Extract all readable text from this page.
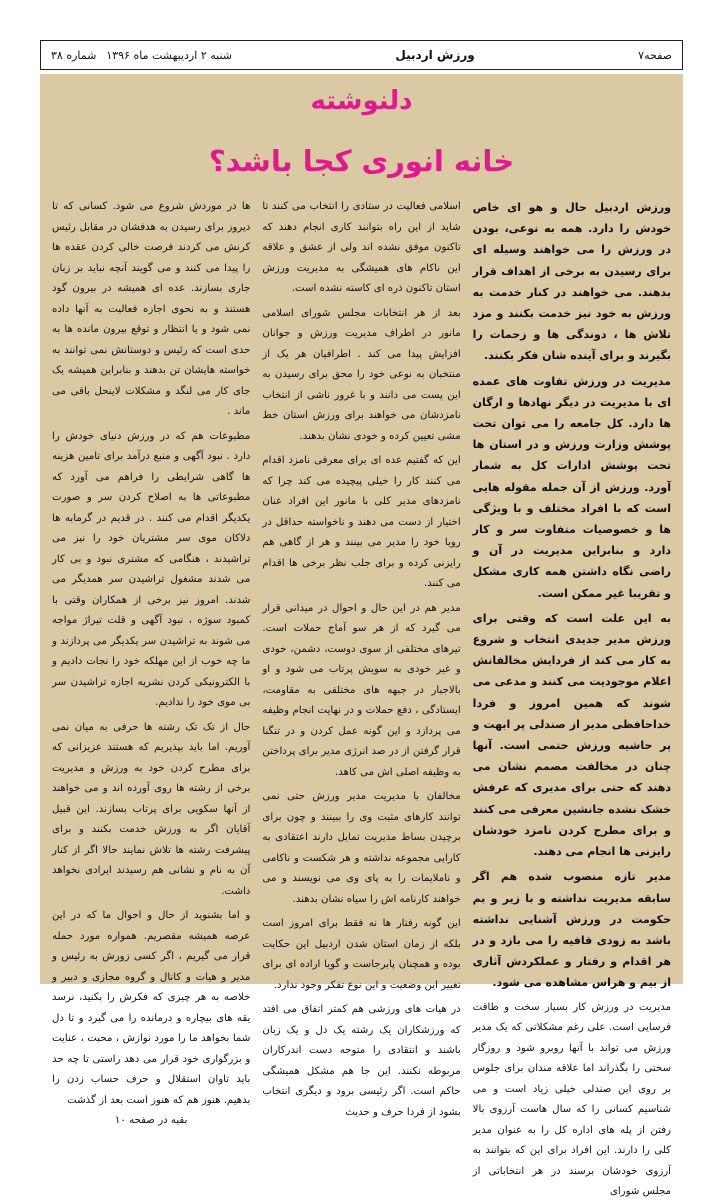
صفحه۷
ورزش اردبیل
شنبه ۲ اردیبهشت ماه ۱۳۹۶
شماره ۳۸
دلنوشته
خانه انوری کجا باشد؟

ورزش اردبیل حال و هو ای خاص خودش را دارد. همه به نوعی، بودن در ورزش را می خواهند وسیله ای برای رسیدن به برخی از اهداف قرار بدهند. می خواهند در کنار خدمت به ورزش به خود نیز خدمت بکنند و مزد تلاش ها ، دوندگی ها و زحمات را بگیرند و برای آینده شان فکر بکنند.

مدیریت در ورزش تفاوت های عمده ای با مدیریت در دیگر نهادها و ارگان ها دارد. کل جامعه را می توان تحت پوشش وزارت ورزش و در استان ها تحت پوشش ادارات کل به شمار آورد. ورزش از آن جمله مقوله هایی است که با افراد مختلف و با ویژگی ها و خصوصیات متفاوت سر و کار دارد و بنابراین مدیریت در آن و راضی نگاه داشتن همه کاری مشکل و تقریبا غیر ممکن است.

به این علت است که وقتی برای ورزش مدیر جدیدی انتخاب و شروع به کار می کند از فردایش مخالفانش اعلام موجودیت می کنند و مدعی می شوند که همین امروز و فردا خداحافظی مدیر از صندلی پر ابهت و پر حاشیه ورزش حتمی است. آنها چنان در مخالفت مصمم نشان می دهند که حتی برای مدیری که عرفش خشک نشده جانشین معرفی می کنند و برای مطرح کردن نامزد خودشان رایزنی ها انجام می دهند.

مدیر تازه منصوب شده هم اگر سابقه مدیریت نداشته و با زیر و بم حکومت در ورزش آشنایی نداشته باشد به زودی قافیه را می بازد و در هر اقدام و رفتار و عملکردش آثاری از بیم و هراس مشاهده می شود.

مدیریت در ورزش کار بسیار سخت و طاقت فرسایی است. علی رغم مشکلاتی که یک مدیر ورزش می تواند با آنها روبرو شود و روزگار سختی را بگذراند اما علاقه مندان برای جلوس بر روی این صندلی خیلی زیاد است و می شناسیم کسانی را که سال هاست آرزوی بالا رفتن از پله های اداره کل را به عنوان مدیر کلی را دارند. این افراد برای این که بتوانند به آرزوی خودشان برسند در هر انتخاباتی از مجلس شورای

اسلامی فعالیت در ستادی را انتخاب می کنند تا شاید از این راه بتوانند کاری انجام دهند که تاکنون موفق نشده اند ولی از عشق و علاقه این ناکام های همیشگی به مدیریت ورزش استان تاکنون ذره ای کاسته نشده است.

بعد از هر انتخابات مجلس شورای اسلامی مانور در اطراف مدیریت ورزش و جوانان افزایش پیدا می کند . اطرافیان هر یک از منتخبان به نوعی خود را محق برای رسیدن به این پست می دانند و با غرور ناشی از انتخاب نامزدشان می خواهند برای ورزش استان خط مشی تعیین کرده و خودی نشان بدهند.

این که گفتیم عده ای برای معرفی نامزد اقدام می کنند کار را خیلی پیچیده می کند چرا که نامزدهای مدیر کلی با مانور این افراد عنان اختیار از دست می دهند و ناخواسته حداقل در رویا خود را مدیر می بینند و هر از گاهی هم رایزنی کرده و برای جلب نظر برخی ها اقدام می کنند.

مدیر هم در این حال و احوال در میدانی قرار می گیرد که از هر سو آماج حملات است. تیرهای مختلفی از سوی دوست، دشمن، خودی و غیر خودی به سویش پرتاب می شود و او بالاجبار در جبهه های مختلفی به مقاومت، ایستادگی ، دفع حملات و در نهایت انجام وظیفه می پردازد و این گونه عمل کردن و در تنگنا قرار گرفتن از در صد انرژی مدیر برای پرداختن به وظیفه اصلی اش می کاهد.

مخالفان با مدیریت مدیر ورزش حتی نمی توانند کارهای مثبت وی را ببینند و چون برای برچیدن بساط مدیریت تمایل دارند اعتقادی به کارایی مجموعه نداشته و هر شکست و ناکامی و ناملایمات را به پای وی می نویسند و می خواهند کارنامه اش را سیاه نشان بدهند.

این گونه رفتار ها نه فقط برای امروز است بلکه از زمان استان شدن اردبیل این حکایت بوده و همچنان پابرجاست و گویا اراده ای برای تغییر این وضعیت و این نوع تفکر وجود ندارد.

در هیات های ورزشی هم کمتر اتفاق می افتد که ورزشکاران یک رشته یک دل و یک زبان باشند و انتقادی را متوجه دست اندرکاران مربوطه نکنند. این جا هم مشکل همیشگی حاکم است. اگر رئیسی برود و دیگری انتخاب بشود از فردا حرف و حدیث

ها در موردش شروع می شود. کسانی که تا دیروز برای رسیدن به هدفشان در مقابل رئیس کرنش می کردند فرصت خالی کردن عقده ها را پیدا می کنند و می گویند آنچه نباید بر زبان جاری بسازند. عده ای همیشه در بیرون گود هستند و به نحوی اجازه فعالیت به آنها داده نمی شود و یا انتظار و توقع بیرون مانده ها به حدی است که رئیس و دوستانش نمی توانند به خواسته هایشان تن بدهند و بنابراین همیشه یک جای کار می لنگد و مشکلات لاینحل باقی می ماند .

مطبوعات هم که در ورزش دنیای خودش را دارد . نبود آگهی و منبع درآمد برای تامین هزینه ها گاهی شرایطی را فراهم می آورد که مطبوعاتی ها به اصلاح کردن سر و صورت یکدیگر اقدام می کنند . در قدیم در گرمابه ها دلاکان موی سر مشتریان خود را نیز می تراشیدند ، هنگامی که مشتری نبود و بی کار می شدند مشغول تراشیدن سر همدیگر می شدند. امروز نیز برخی از همکاران وقتی با کمبود سوژه ، نبود آگهی و قلت تیراژ مواجه می شوند به تراشیدن سر یکدیگر می پردازند و ما چه خوب از این مهلکه خود را نجات دادیم و با الکترونیکی کردن نشریه اجازه تراشیدن سر بی موی خود را ندادیم.

حال از تک تک رشته ها حرفی به میان نمی آوریم. اما باید بپذیریم که هستند عزیزانی که برای مطرح کردن خود به ورزش و مدیریت برخی از رشته ها روی آورده اند و می خواهند از آنها سکویی برای پرتاب بسازند. این قبیل آقایان اگر به ورزش خدمت بکنند و برای پیشرفت رشته ها تلاش نمایند حالا اگر از کنار آن به نام و نشانی هم رسیدند ایرادی نخواهد داشت.

و اما بشنوید از حال و احوال ما که در این عرصه همیشه مقصریم. همواره مورد حمله قرار می گیریم ، اگر کسی زورش به رئیس و مدیر و هیات و کانال و گروه مجازی و دبیر و خلاصه به هر چیزی که فکرش را بکنید، نرسد یقه های بیچاره و درمانده را می گیرد و تا دل شما بخواهد ما را مورد نوازش ، محبت ، عنایت و بزرگواری خود قرار می دهد راستی تا چه حد باید تاوان استقلال و حرف حساب زدن را بدهیم. هنوز هم که هنوز است بعد از گذشت

بقیه در صفحه ۱۰
